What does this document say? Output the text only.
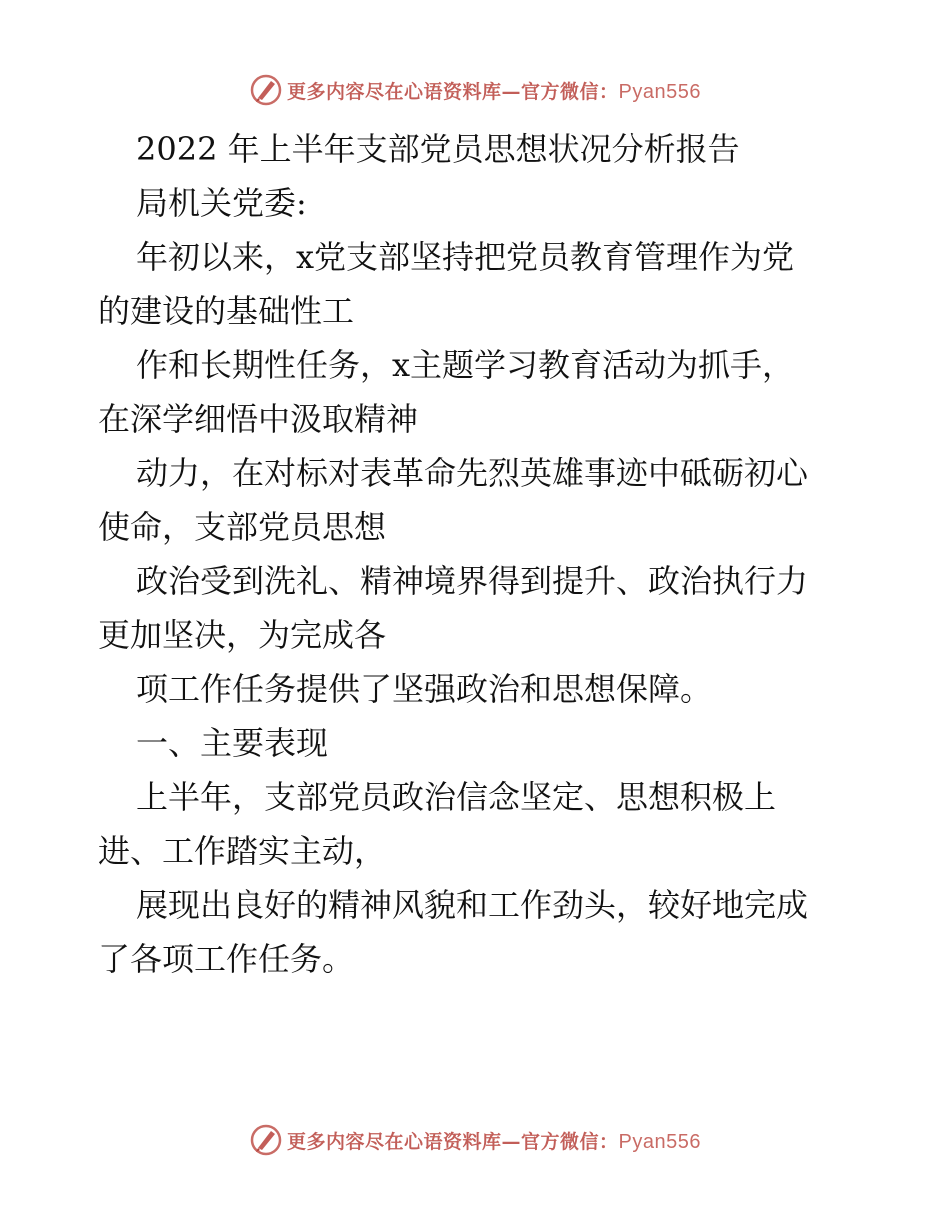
更多内容尽在心语资料库—官方微信：Pyan556
2022 年上半年支部党员思想状况分析报告
局机关党委:
年初以来，x党支部坚持把党员教育管理作为党
的建设的基础性工
作和长期性任务，x主题学习教育活动为抓手，
在深学细悟中汲取精神
动力，在对标对表革命先烈英雄事迹中砥砺初心
使命，支部党员思想
政治受到洗礼、精神境界得到提升、政治执行力
更加坚决，为完成各
项工作任务提供了坚强政治和思想保障。
一、主要表现
上半年，支部党员政治信念坚定、思想积极上
进、工作踏实主动，
展现出良好的精神风貌和工作劲头，较好地完成
了各项工作任务。
更多内容尽在心语资料库—官方微信：Pyan556
